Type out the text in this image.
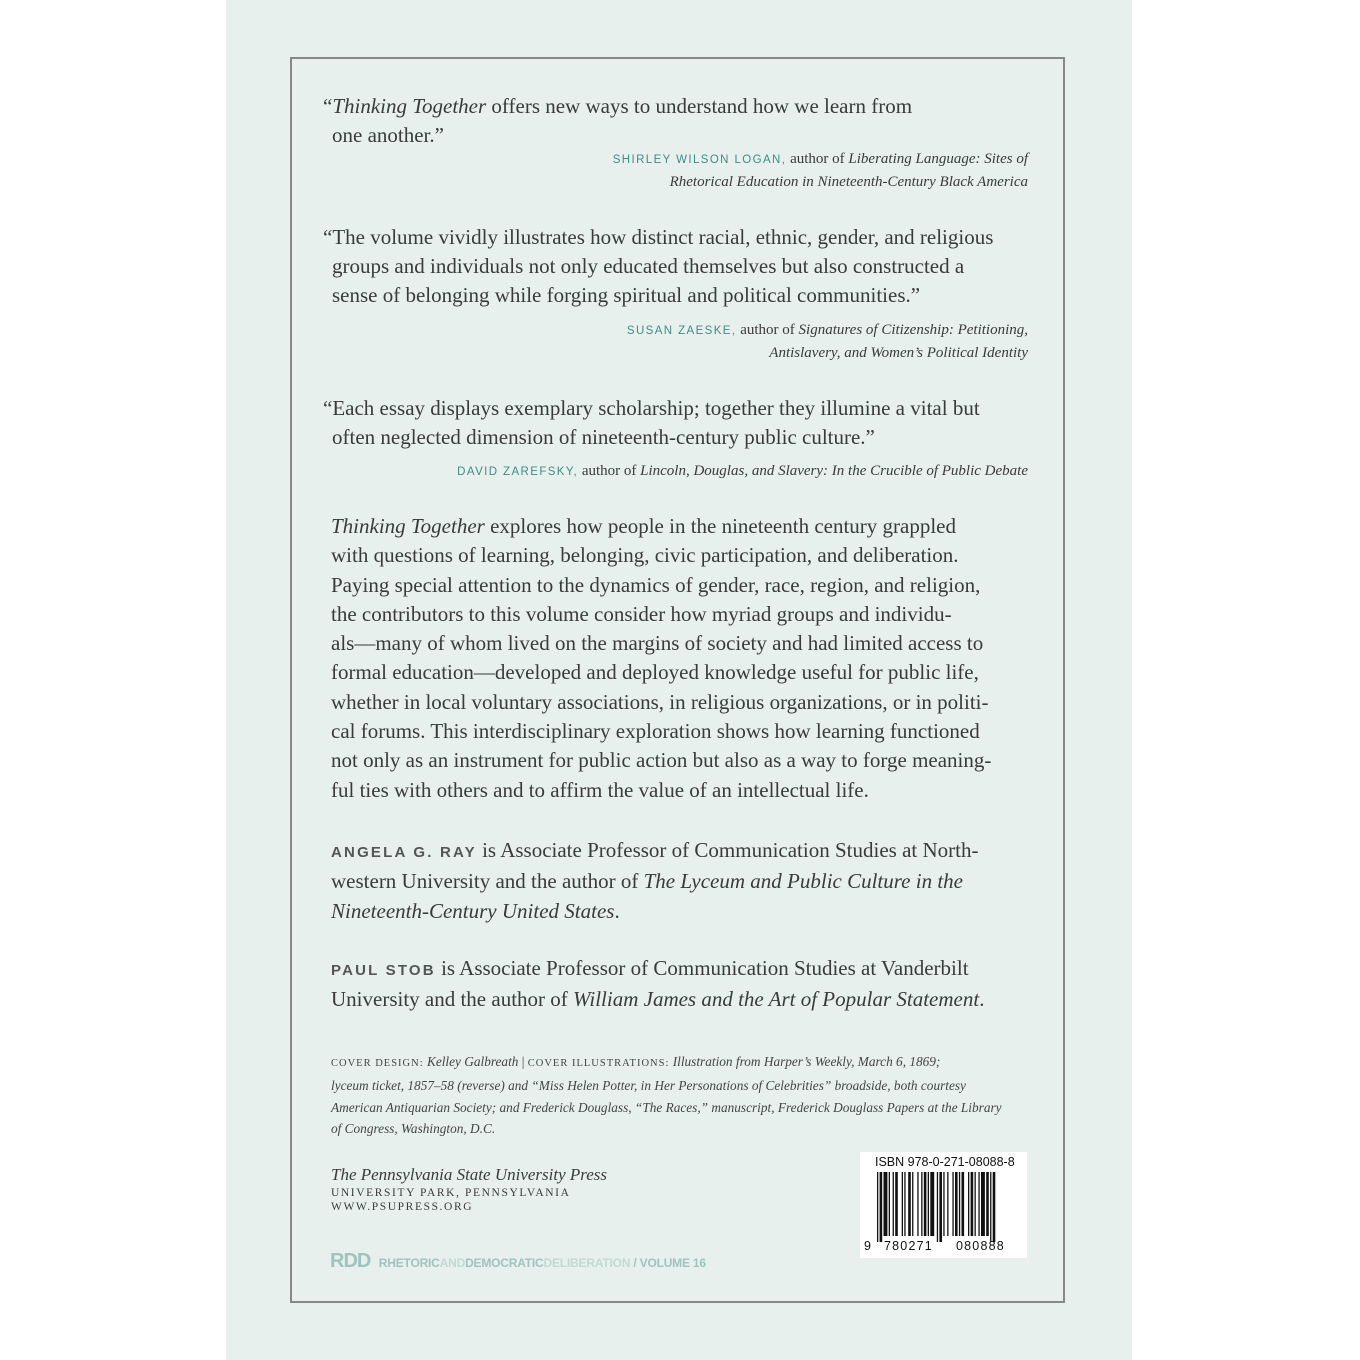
“Thinking Together offers new ways to understand how we learn from
one another.”
SHIRLEY WILSON LOGAN, author of Liberating Language: Sites of
Rhetorical Education in Nineteenth-Century Black America
“The volume vividly illustrates how distinct racial, ethnic, gender, and religious
groups and individuals not only educated themselves but also constructed a
sense of belonging while forging spiritual and political communities.”
SUSAN ZAESKE, author of Signatures of Citizenship: Petitioning,
Antislavery, and Women’s Political Identity
“Each essay displays exemplary scholarship; together they illumine a vital but
often neglected dimension of nineteenth-century public culture.”
DAVID ZAREFSKY, author of Lincoln, Douglas, and Slavery: In the Crucible of Public Debate
Thinking Together explores how people in the nineteenth century grappled
with questions of learning, belonging, civic participation, and deliberation.
Paying special attention to the dynamics of gender, race, region, and religion,
the contributors to this volume consider how myriad groups and individu-
als—many of whom lived on the margins of society and had limited access to
formal education—developed and deployed knowledge useful for public life,
whether in local voluntary associations, in religious organizations, or in politi-
cal forums. This interdisciplinary exploration shows how learning functioned
not only as an instrument for public action but also as a way to forge meaning-
ful ties with others and to affirm the value of an intellectual life.
ANGELA G. RAY is Associate Professor of Communication Studies at North-
western University and the author of The Lyceum and Public Culture in the
Nineteenth-Century United States.
PAUL STOB is Associate Professor of Communication Studies at Vanderbilt
University and the author of William James and the Art of Popular Statement.
COVER DESIGN: Kelley Galbreath | COVER ILLUSTRATIONS: Illustration from Harper’s Weekly, March 6, 1869;
lyceum ticket, 1857–58 (reverse) and “Miss Helen Potter, in Her Personations of Celebrities” broadside, both courtesy
American Antiquarian Society; and Frederick Douglass, “The Races,” manuscript, Frederick Douglass Papers at the Library
of Congress, Washington, D.C.
The Pennsylvania State University Press
UNIVERSITY PARK, PENNSYLVANIA
WWW.PSUPRESS.ORG
RDD RHETORICANDDEMOCRATICDELIBERATION / VOLUME 16
ISBN 978-0-271-08088-8
9 780271 080888
